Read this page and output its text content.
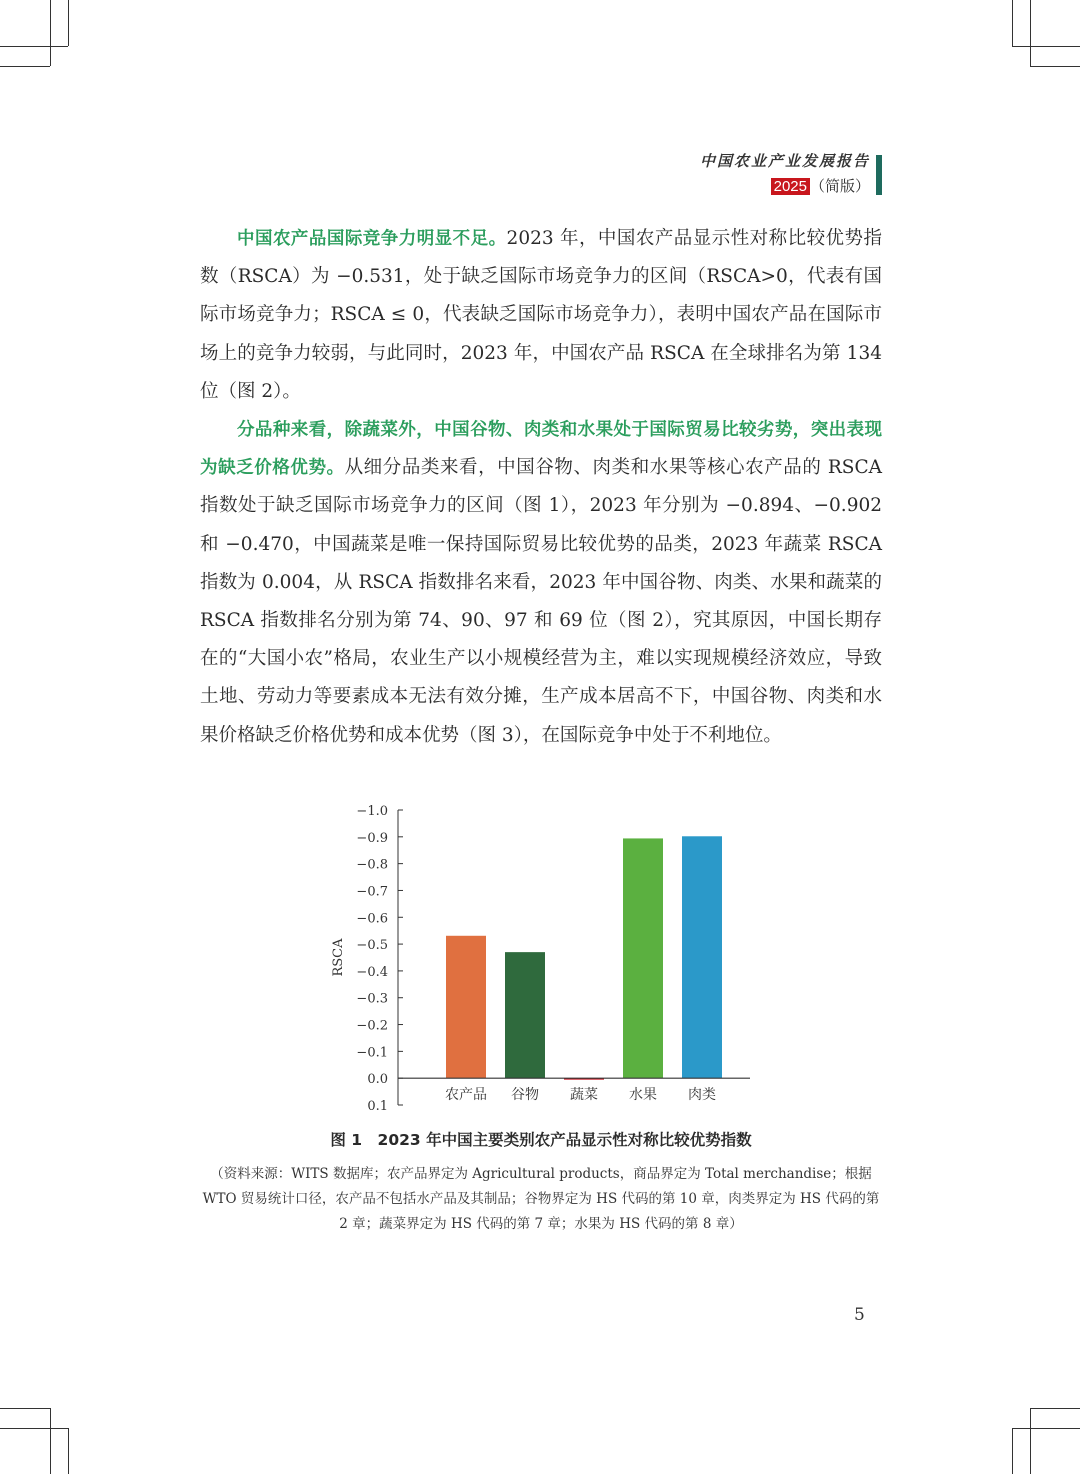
中国农业产业发展报告
2025 （简版）

中国农产品国际竞争力明显不足。2023 年，中国农产品显示性对称比较优势指数（RSCA）为 −0.531，处于缺乏国际市场竞争力的区间（RSCA>0，代表有国际市场竞争力；RSCA ≤ 0，代表缺乏国际市场竞争力），表明中国农产品在国际市场上的竞争力较弱，与此同时，2023 年，中国农产品 RSCA 在全球排名为第 134 位（图 2）。

分品种来看，除蔬菜外，中国谷物、肉类和水果处于国际贸易比较劣势，突出表现为缺乏价格优势。从细分品类来看，中国谷物、肉类和水果等核心农产品的 RSCA 指数处于缺乏国际市场竞争力的区间（图 1），2023 年分别为 −0.894、−0.902 和 −0.470，中国蔬菜是唯一保持国际贸易比较优势的品类，2023 年蔬菜 RSCA 指数为 0.004，从 RSCA 指数排名来看，2023 年中国谷物、肉类、水果和蔬菜的 RSCA 指数排名分别为第 74、90、97 和 69 位（图 2），究其原因，中国长期存在的“大国小农”格局，农业生产以小规模经营为主，难以实现规模经济效应，导致土地、劳动力等要素成本无法有效分摊，生产成本居高不下，中国谷物、肉类和水果价格缺乏价格优势和成本优势（图 3），在国际竞争中处于不利地位。

−1.0
−0.9
−0.8
−0.7
−0.6
−0.5
−0.4
−0.3
−0.2
−0.1
0.0
0.1
RSCA
农产品 谷物 蔬菜 水果 肉类
图 1　2023 年中国主要类别农产品显示性对称比较优势指数
（资料来源：WITS 数据库；农产品界定为 Agricultural products，商品界定为 Total merchandise；根据 WTO 贸易统计口径，农产品不包括水产品及其制品；谷物界定为 HS 代码的第 10 章，肉类界定为 HS 代码的第 2 章；蔬菜界定为 HS 代码的第 7 章；水果为 HS 代码的第 8 章）
5
